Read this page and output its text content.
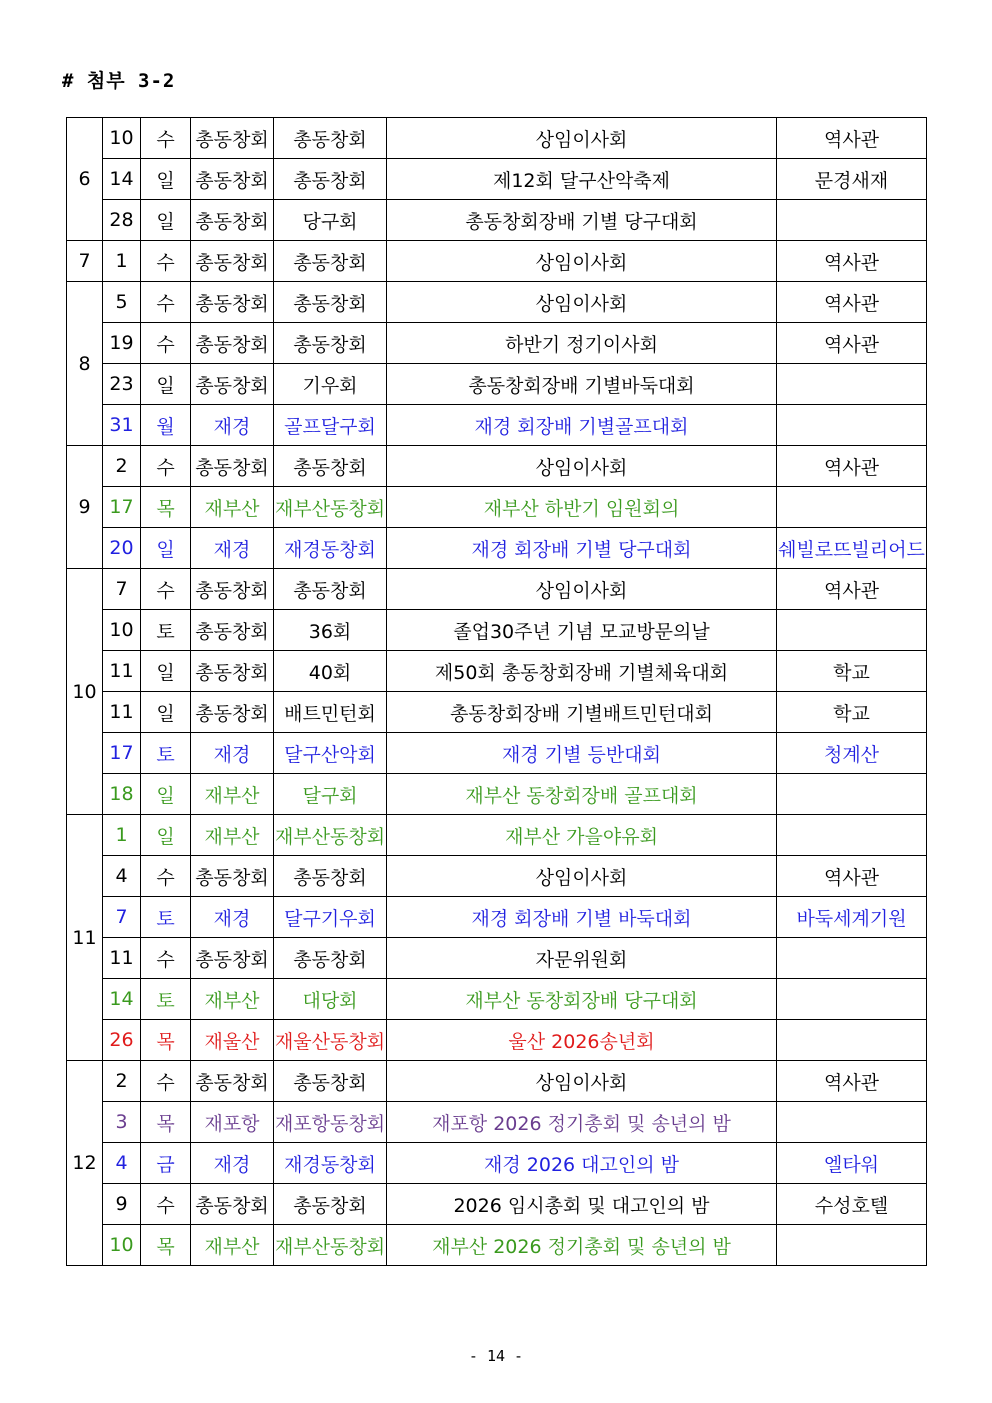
# 첨부 3-2
6	10	수	총동창회	총동창회	상임이사회	역사관
	14	일	총동창회	총동창회	제12회 달구산악축제	문경새재
	28	일	총동창회	당구회	총동창회장배 기별 당구대회	
7	1	수	총동창회	총동창회	상임이사회	역사관
8	5	수	총동창회	총동창회	상임이사회	역사관
	19	수	총동창회	총동창회	하반기 정기이사회	역사관
	23	일	총동창회	기우회	총동창회장배 기별바둑대회	
	31	월	재경	골프달구회	재경 회장배 기별골프대회	
9	2	수	총동창회	총동창회	상임이사회	역사관
	17	목	재부산	재부산동창회	재부산 하반기 임원회의	
	20	일	재경	재경동창회	재경 회장배 기별 당구대회	쉐빌로뜨빌리어드
10	7	수	총동창회	총동창회	상임이사회	역사관
	10	토	총동창회	36회	졸업30주년 기념 모교방문의날	
	11	일	총동창회	40회	제50회 총동창회장배 기별체육대회	학교
	11	일	총동창회	배트민턴회	총동창회장배 기별배트민턴대회	학교
	17	토	재경	달구산악회	재경 기별 등반대회	청계산
	18	일	재부산	달구회	재부산 동창회장배 골프대회	
11	1	일	재부산	재부산동창회	재부산 가을야유회	
	4	수	총동창회	총동창회	상임이사회	역사관
	7	토	재경	달구기우회	재경 회장배 기별 바둑대회	바둑세계기원
	11	수	총동창회	총동창회	자문위원회	
	14	토	재부산	대당회	재부산 동창회장배 당구대회	
	26	목	재울산	재울산동창회	울산 2026송년회	
12	2	수	총동창회	총동창회	상임이사회	역사관
	3	목	재포항	재포항동창회	재포항 2026 정기총회 및 송년의 밤	
	4	금	재경	재경동창회	재경 2026 대고인의 밤	엘타워
	9	수	총동창회	총동창회	2026 임시총회 및 대고인의 밤	수성호텔
	10	목	재부산	재부산동창회	재부산 2026 정기총회 및 송년의 밤	
- 14 -
